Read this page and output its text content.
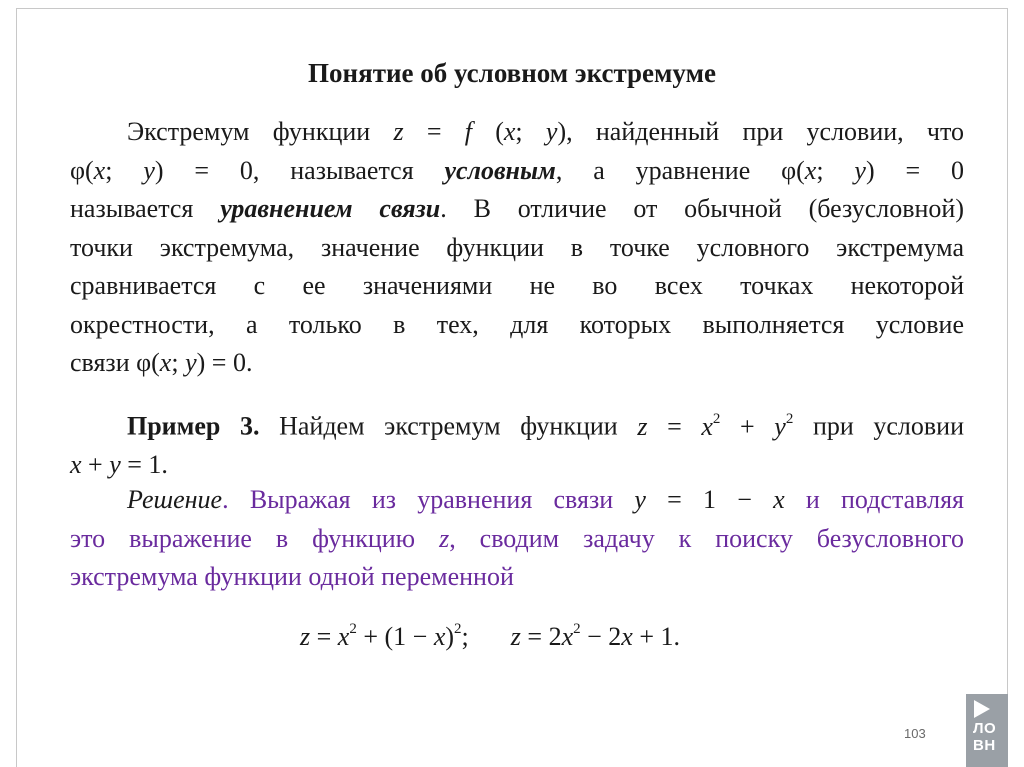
Понятие об условном экстремуме
Экстремум функции z = f (x; y), найденный при условии, что
φ(x; y) = 0, называется условным, а уравнение φ(x; y) = 0
называется уравнением связи. В отличие от обычной (безусловной)
точки экстремума, значение функции в точке условного экстремума
сравнивается с ее значениями не во всех точках некоторой
окрестности, а только в тех, для которых выполняется условие
связи φ(x; y) = 0.
Пример 3. Найдем экстремум функции $z = x^2 + y^2$ при условии
x + y = 1.
Решение. Выражая из уравнения связи y = 1 − x и подставляя
это выражение в функцию z, сводим задачу к поиску безусловного
экстремума функции одной переменной
$z = x^2 + (1 - x)^2$; $z = 2x^2 - 2x + 1$.
103	ЛО
ВН
